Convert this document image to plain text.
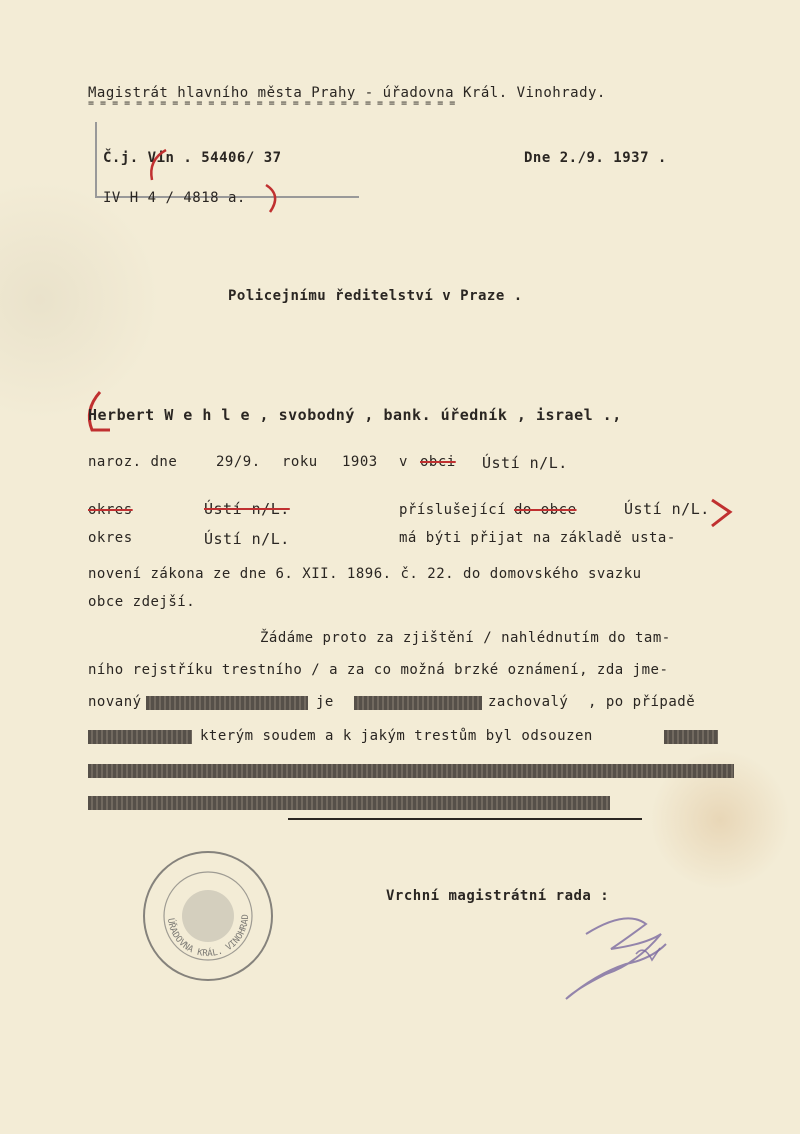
Magistrát hlavního města Prahy - úřadovna Král. Vinohrady.
= = = = = = = = = = = = = = = = = = = = = = = = = = = = = = =
Č.j. Vin . 54406/ 37
IV H 4 / 4818 a.
Dne 2./9. 1937 .
Policejnímu ředitelství v Praze .
Herbert W e h l e , svobodný , bank. úředník , israel .,
naroz. dne	29/9. roku 1903 v obci Ústí n/L.
okres	Ústí n/L.	příslušející do obce	Ústí n/L.
okres	Ústí n/L.	má býti přijat na základě usta-
novení zákona ze dne 6. XII. 1896. č. 22. do domovského svazku
obce zdejší.
Žádáme proto za zjištění / nahlédnutím do tam-
ního rejstříku trestního / a za co možná brzké oznámení, zda jme-
novaný	je	zachovalý , po případě
kterým soudem a k jakým trestům byl odsouzen
Vrchní magistrátní rada :
ÚŘADOVNA KRÁL. VINOHRAD
